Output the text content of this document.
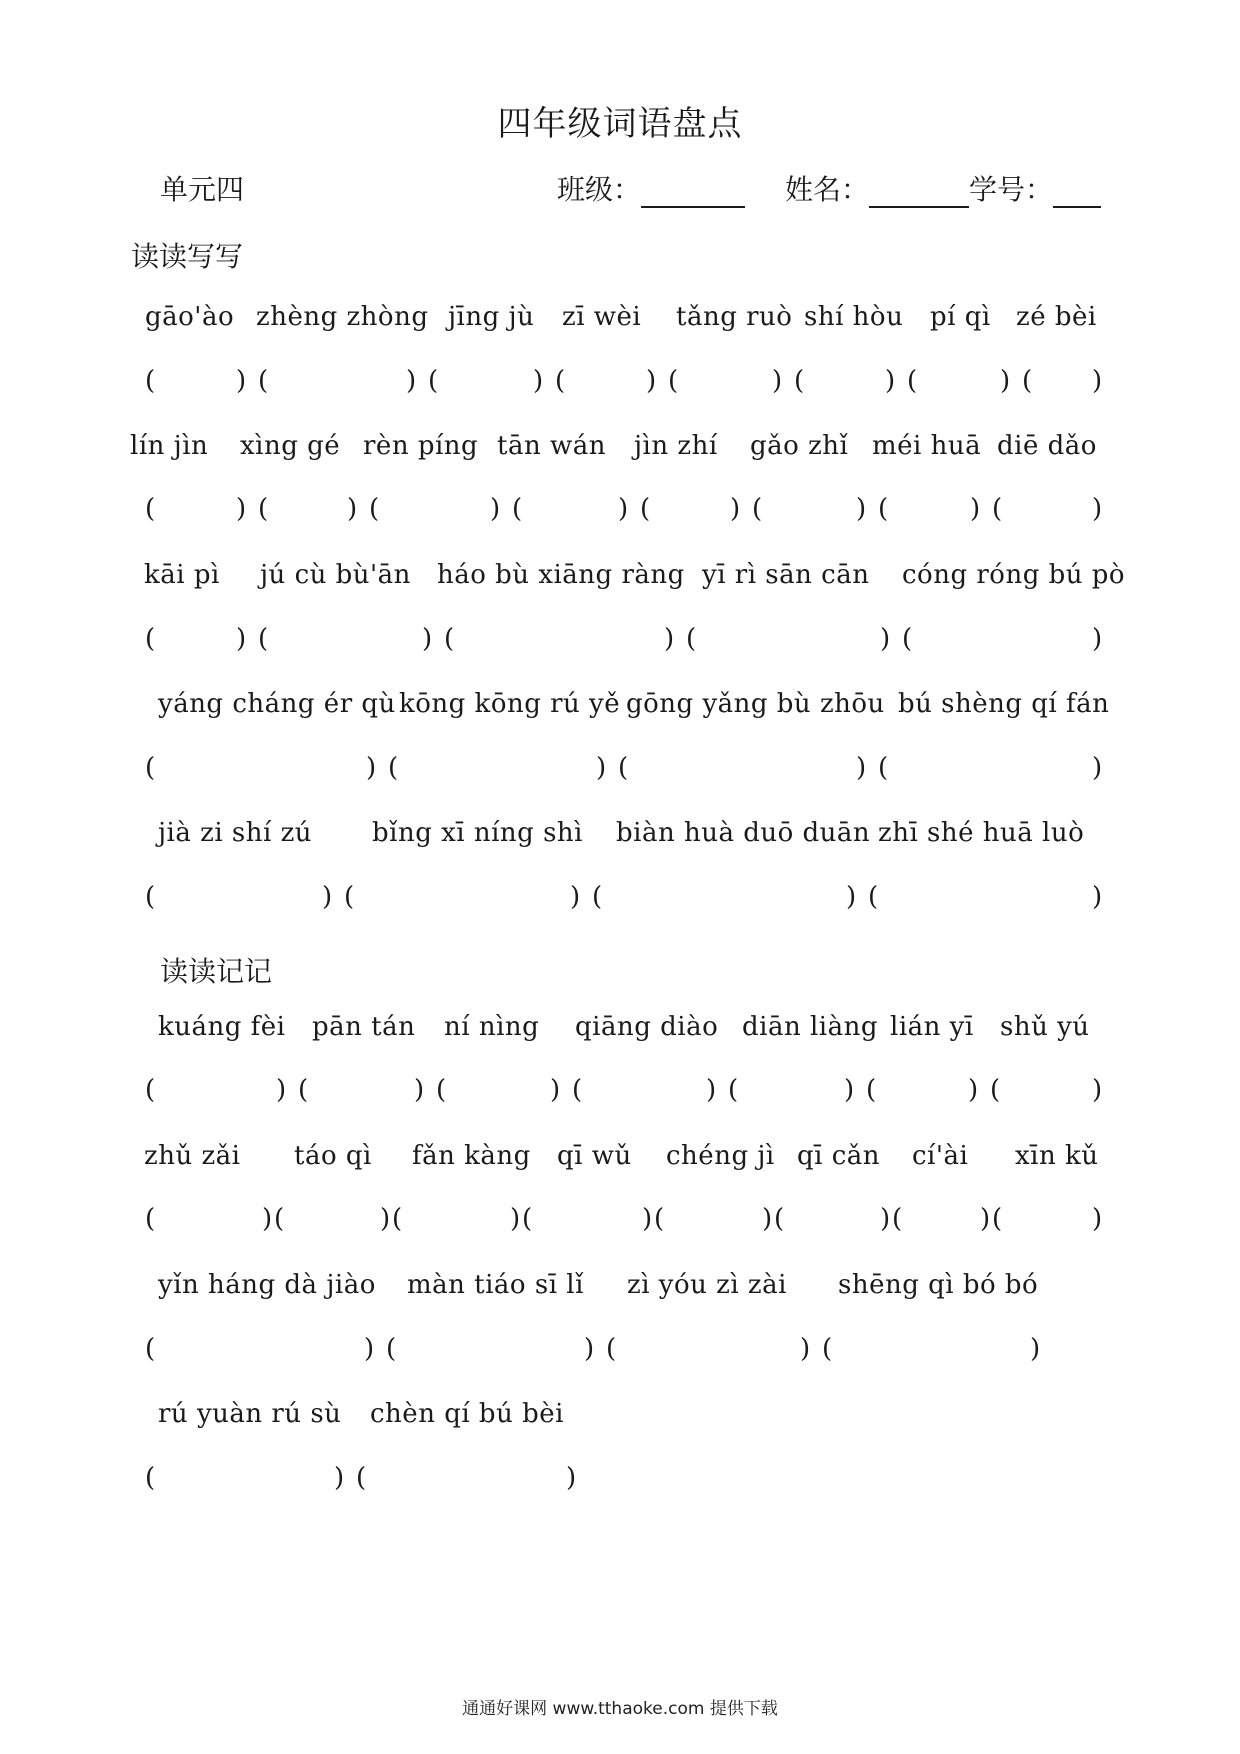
四年级词语盘点
单元四	班级：	姓名：	学号：
读读写写
读读记记
gāo'ào zhèng zhòng jīng jù zī wèi tǎng ruò shí hòu pí qì zé bèi
(	) (	) (	) (	) (	) (	) (	) ( )
lín jìn xìng gé rèn píng tān wán jìn zhí gǎo zhǐ méi huā diē dǎo
(	) (	) (	) (	) (	) (	) (	) (	)
kāi pì jú cù bù'ān háo bù xiāng ràng yī rì sān cān cóng róng bú pò
(	) (	) (	) (	) (	)
yáng cháng ér qù kōng kōng rú yě gōng yǎng bù zhōu bú shèng qí fán
(	) (	) (	) (	)
jià zi shí zú bǐng xī níng shì biàn huà duō duān zhī shé huā luò
(	) (	) (	) (	)
kuáng fèi pān tán ní nìng qiāng diào diān liàng lián yī shǔ yú
(	) (	) (	) (	) (	) (	) (	)
zhǔ zǎi táo qì fǎn kàng qī wǔ chéng jì qī cǎn cí'ài xīn kǔ
(	) (	) (	) (	) (	) (	) (	) (	)
yǐn háng dà jiào màn tiáo sī lǐ zì yóu zì zài shēng qì bó bó
(	) (	) (	) (	)
rú yuàn rú sù chèn qí bú bèi
(	) (	)
通通好课网 www.tthaoke.com 提供下载
